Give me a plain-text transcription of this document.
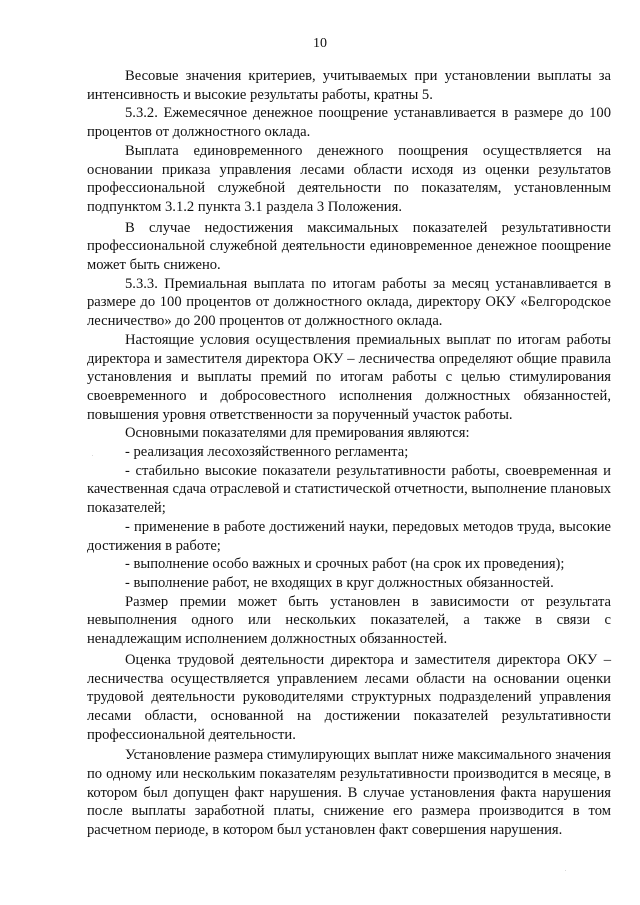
10

Весовые значения критериев, учитываемых при установлении выплаты за интенсивность и высокие результаты работы, кратны 5.

5.3.2. Ежемесячное денежное поощрение устанавливается в размере до 100 процентов от должностного оклада.

Выплата единовременного денежного поощрения осуществляется на основании приказа управления лесами области исходя из оценки результатов профессиональной служебной деятельности по показателям, установленным подпунктом 3.1.2 пункта 3.1 раздела 3 Положения.

В случае недостижения максимальных показателей результативности профессиональной служебной деятельности единовременное денежное поощрение может быть снижено.

5.3.3. Премиальная выплата по итогам работы за месяц устанавливается в размере до 100 процентов от должностного оклада, директору ОКУ «Белгородское лесничество» до 200 процентов от должностного оклада.

Настоящие условия осуществления премиальных выплат по итогам работы директора и заместителя директора ОКУ – лесничества определяют общие правила установления и выплаты премий по итогам работы с целью стимулирования своевременного и добросовестного исполнения должностных обязанностей, повышения уровня ответственности за порученный участок работы.

Основными показателями для премирования являются:

- реализация лесохозяйственного регламента;

- стабильно высокие показатели результативности работы, своевременная и качественная сдача отраслевой и статистической отчетности, выполнение плановых показателей;

- применение в работе достижений науки, передовых методов труда, высокие достижения в работе;

- выполнение особо важных и срочных работ (на срок их проведения);

- выполнение работ, не входящих в круг должностных обязанностей.

Размер премии может быть установлен в зависимости от результата невыполнения одного или нескольких показателей, а также в связи с ненадлежащим исполнением должностных обязанностей.

Оценка трудовой деятельности директора и заместителя директора ОКУ – лесничества осуществляется управлением лесами области на основании оценки трудовой деятельности руководителями структурных подразделений управления лесами области, основанной на достижении показателей результативности профессиональной деятельности.

Установление размера стимулирующих выплат ниже максимального значения по одному или нескольким показателям результативности производится в месяце, в котором был допущен факт нарушения. В случае установления факта нарушения после выплаты заработной платы, снижение его размера производится в том расчетном периоде, в котором был установлен факт совершения нарушения.
